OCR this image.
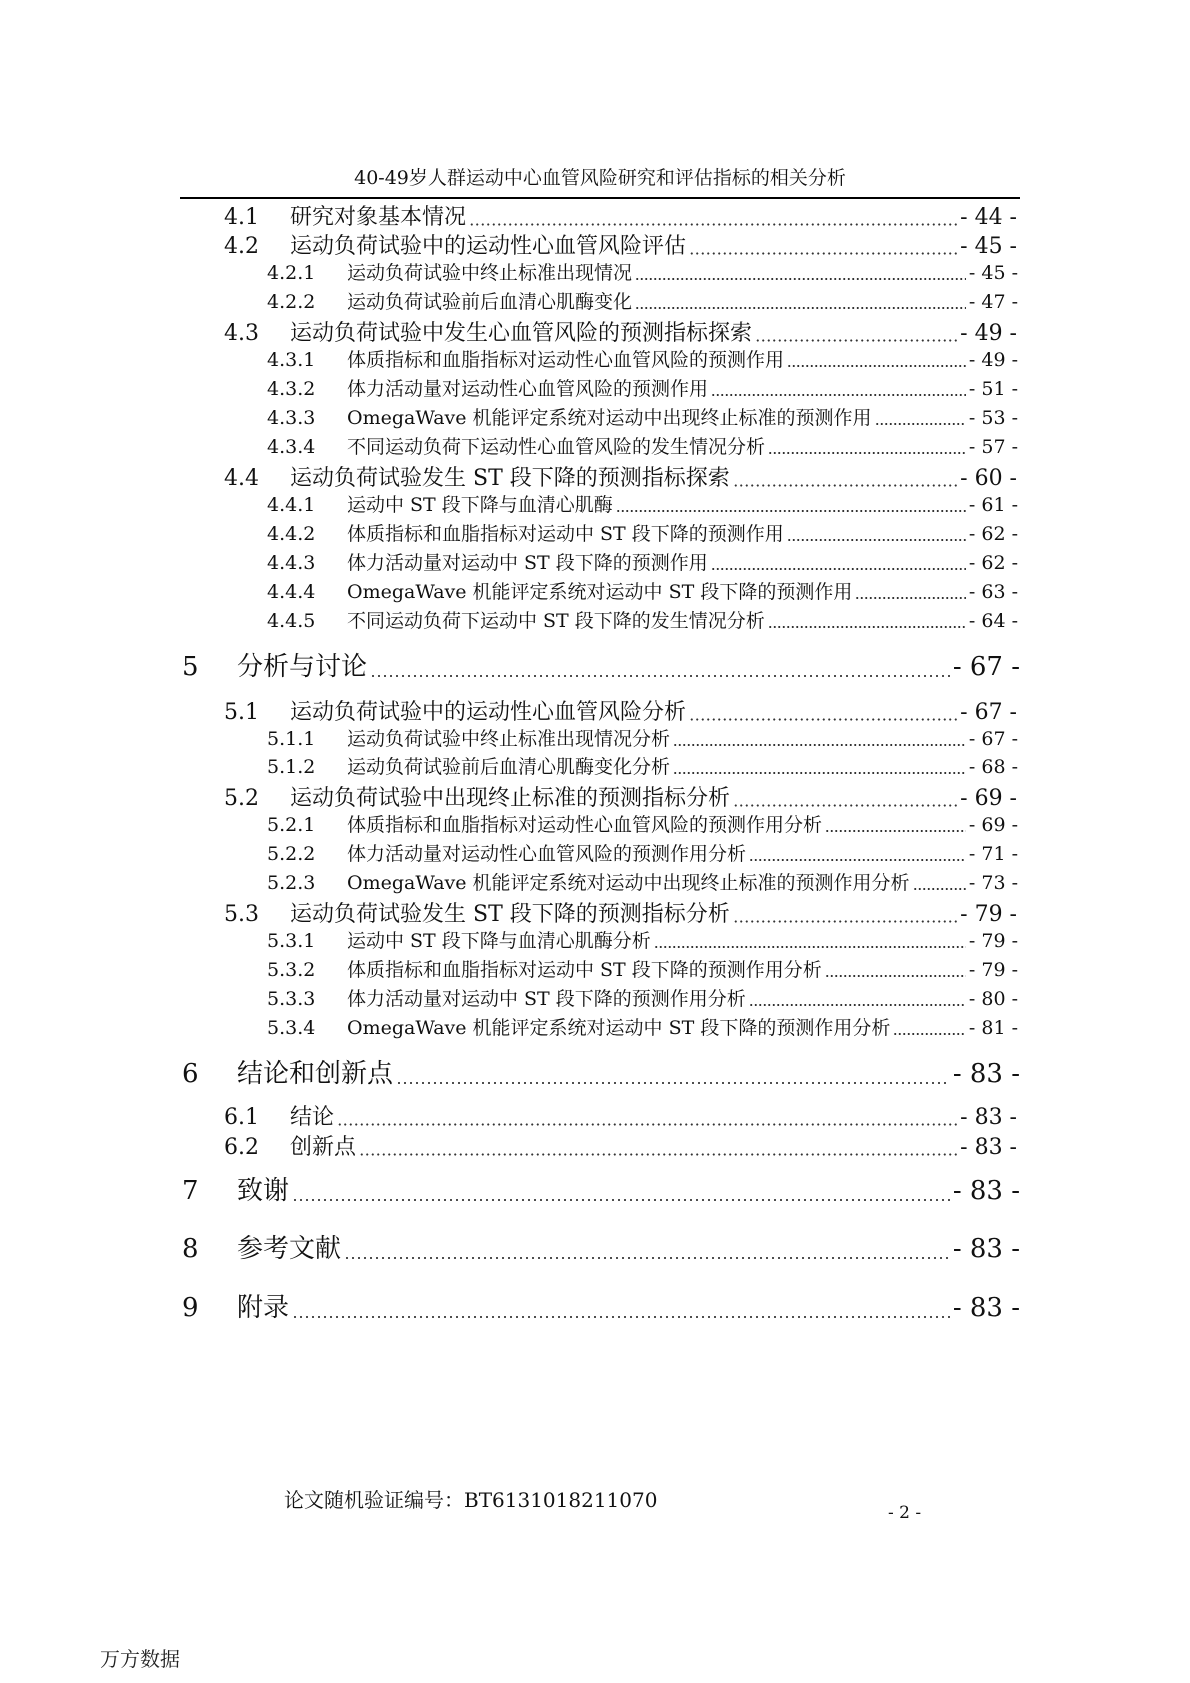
40-49岁人群运动中心血管风险研究和评估指标的相关分析
4.1	研究对象基本情况	- 44 -
4.2	运动负荷试验中的运动性心血管风险评估	- 45 -
4.2.1	运动负荷试验中终止标准出现情况	- 45 -
4.2.2	运动负荷试验前后血清心肌酶变化	- 47 -
4.3	运动负荷试验中发生心血管风险的预测指标探索	- 49 -
4.3.1	体质指标和血脂指标对运动性心血管风险的预测作用	- 49 -
4.3.2	体力活动量对运动性心血管风险的预测作用	- 51 -
4.3.3	OmegaWave 机能评定系统对运动中出现终止标准的预测作用	- 53 -
4.3.4	不同运动负荷下运动性心血管风险的发生情况分析	- 57 -
4.4	运动负荷试验发生 ST 段下降的预测指标探索	- 60 -
4.4.1	运动中 ST 段下降与血清心肌酶	- 61 -
4.4.2	体质指标和血脂指标对运动中 ST 段下降的预测作用	- 62 -
4.4.3	体力活动量对运动中 ST 段下降的预测作用	- 62 -
4.4.4	OmegaWave 机能评定系统对运动中 ST 段下降的预测作用	- 63 -
4.4.5	不同运动负荷下运动中 ST 段下降的发生情况分析	- 64 -
5	分析与讨论	- 67 -
5.1	运动负荷试验中的运动性心血管风险分析	- 67 -
5.1.1	运动负荷试验中终止标准出现情况分析	- 67 -
5.1.2	运动负荷试验前后血清心肌酶变化分析	- 68 -
5.2	运动负荷试验中出现终止标准的预测指标分析	- 69 -
5.2.1	体质指标和血脂指标对运动性心血管风险的预测作用分析	- 69 -
5.2.2	体力活动量对运动性心血管风险的预测作用分析	- 71 -
5.2.3	OmegaWave 机能评定系统对运动中出现终止标准的预测作用分析	- 73 -
5.3	运动负荷试验发生 ST 段下降的预测指标分析	- 79 -
5.3.1	运动中 ST 段下降与血清心肌酶分析	- 79 -
5.3.2	体质指标和血脂指标对运动中 ST 段下降的预测作用分析	- 79 -
5.3.3	体力活动量对运动中 ST 段下降的预测作用分析	- 80 -
5.3.4	OmegaWave 机能评定系统对运动中 ST 段下降的预测作用分析	- 81 -
6	结论和创新点	- 83 -
6.1	结论	- 83 -
6.2	创新点	- 83 -
7	致谢	- 83 -
8	参考文献	- 83 -
9	附录	- 83 -
论文随机验证编号：BT6131018211070
- 2 -
万方数据
